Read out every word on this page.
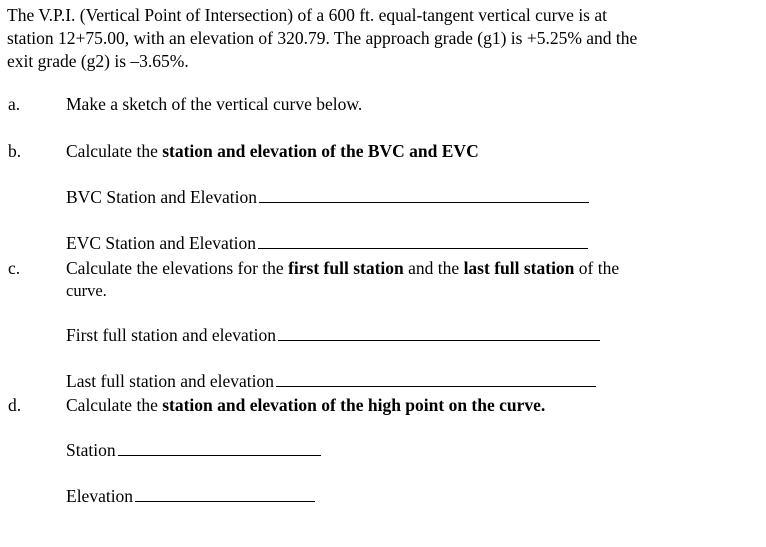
The V.P.I. (Vertical Point of Intersection) of a 600 ft. equal-tangent vertical curve is at
station 12+75.00, with an elevation of 320.79. The approach grade (g1) is +5.25% and the
exit grade (g2) is –3.65%.
a.	Make a sketch of the vertical curve below.
b.	Calculate the station and elevation of the BVC and EVC
BVC Station and Elevation
EVC Station and Elevation
c.	Calculate the elevations for the first full station and the last full station of the
curve.
First full station and elevation
Last full station and elevation
d.	Calculate the station and elevation of the high point on the curve.
Station
Elevation
